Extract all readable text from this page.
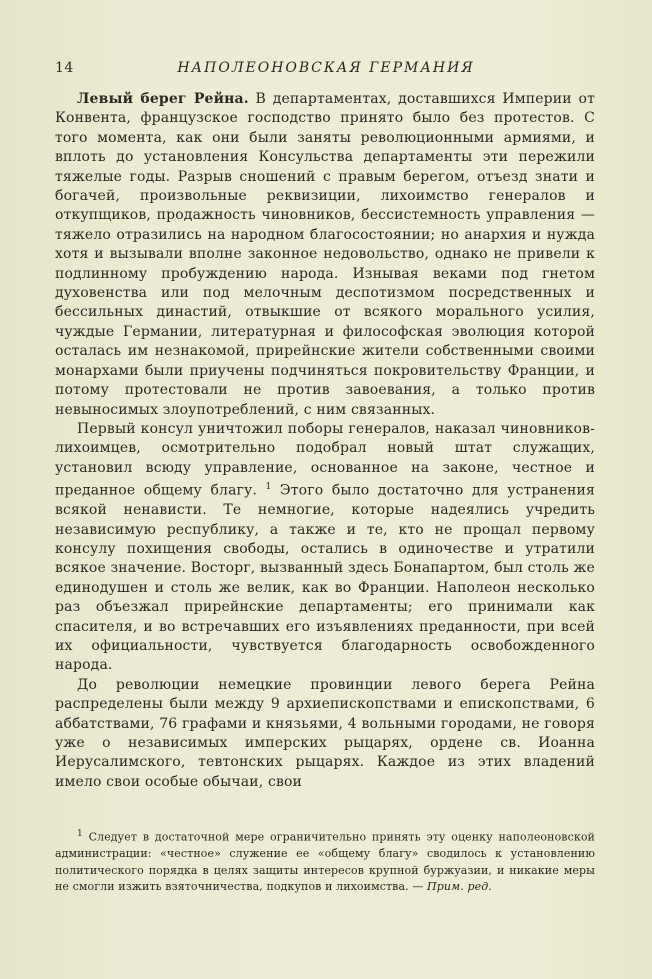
14	НАПОЛЕОНОВСКАЯ ГЕРМАНИЯ

Левый берег Рейна. В департаментах, доставшихся Империи от Конвента, французское господство принято было без протестов. С того момента, как они были заняты революционными армиями, и вплоть до установления Консульства департаменты эти пережили тяжелые годы. Разрыв сношений с правым берегом, отъезд знати и богачей, произвольные реквизиции, лихоимство генералов и откупщиков, продажность чиновников, бессистемность управления — тяжело отразились на народном благосостоянии; но анархия и нужда хотя и вызывали вполне законное недовольство, однако не привели к подлинному пробуждению народа. Изнывая веками под гнетом духовенства или под мелочным деспотизмом посредственных и бессильных династий, отвыкшие от всякого морального усилия, чуждые Германии, литературная и философская эволюция которой осталась им незнакомой, прирейнские жители собственными своими монархами были приучены подчиняться покровительству Франции, и потому протестовали не против завоевания, а только против невыносимых злоупотреблений, с ним связанных.

Первый консул уничтожил поборы генералов, наказал чиновников-лихоимцев, осмотрительно подобрал новый штат служащих, установил всюду управление, основанное на законе, честное и преданное общему благу. $^1$ Этого было достаточно для устранения всякой ненависти. Те немногие, которые надеялись учредить независимую республику, а также и те, кто не прощал первому консулу похищения свободы, остались в одиночестве и утратили всякое значение. Восторг, вызванный здесь Бонапартом, был столь же единодушен и столь же велик, как во Франции. Наполеон несколько раз объезжал прирейнские департаменты; его принимали как спасителя, и во встречавших его изъявлениях преданности, при всей их официальности, чувствуется благодарность освобожденного народа.

До революции немецкие провинции левого берега Рейна распределены были между 9 архиепископствами и епископствами, 6 аббатствами, 76 графами и князьями, 4 вольными городами, не говоря уже о независимых имперских рыцарях, ордене св. Иоанна Иерусалимского, тевтонских рыцарях. Каждое из этих владений имело свои особые обычаи, свои

$^1$ Следует в достаточной мере ограничительно принять эту оценку наполеоновской администрации: «честное» служение ее «общему благу» сводилось к установлению политического порядка в целях защиты интересов крупной буржуазии, и никакие меры не смогли изжить взяточничества, подкупов и лихоимства. — Прим. ред.
